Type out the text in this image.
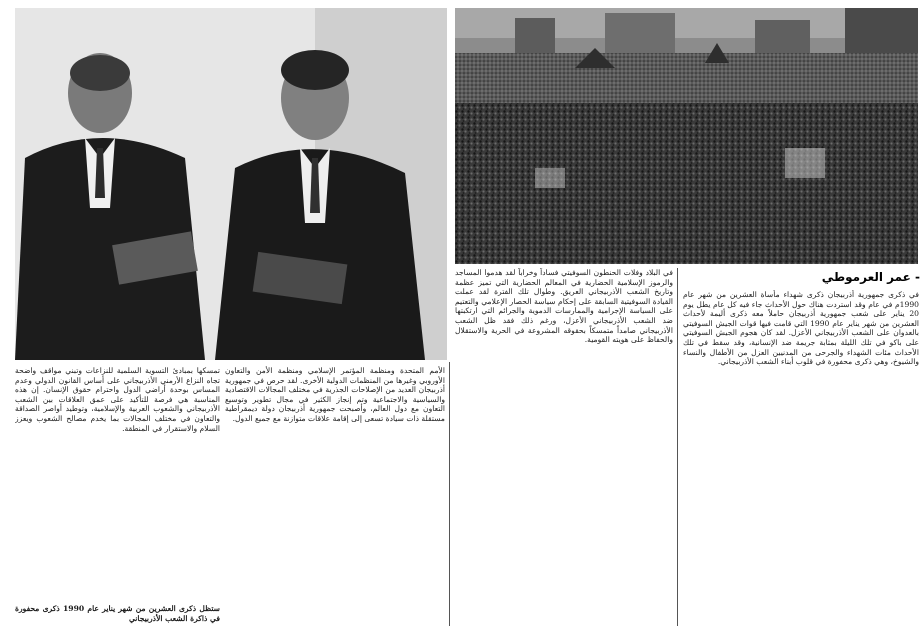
- عمر العرموطي

في ذكرى جمهورية أذربيجان ذكرى شهداء مأساة العشرين من شهر عام 1990م في عام وقد استردت هناك حول الأحداث جاء فيه كل عام يطل يوم 20 يناير على شعب جمهورية أذربيجان حاملاً معه ذكرى أليمة لأحداث العشرين من شهر يناير عام 1990 التي قامت فيها قوات الجيش السوفيتي بالعدوان على الشعب الأذربيجاني الأعزل. لقد كان هجوم الجيش السوفيتي على باكو في تلك الليلة بمثابة جريمة ضد الإنسانية، وقد سقط في تلك الأحداث مئات الشهداء والجرحى من المدنيين العزل من الأطفال والنساء والشيوخ، وهي ذكرى محفورة في قلوب أبناء الشعب الأذربيجاني.

في البلاد وفلات الحنطون السوفيتي فساداً وخراباً لقد هدموا المساجد والرموز الإسلامية الحضارية في المعالم الحضارية التي تميز عظمة وتاريخ الشعب الأذربيجاني العريق. وطوال تلك الفترة لقد عملت القيادة السوفيتية السابقة على إحكام سياسة الحصار الإعلامي والتعتيم على السياسة الإجرامية والممارسات الدموية والجرائم التي ارتكبتها ضد الشعب الأذربيجاني الأعزل، ورغم ذلك فقد ظل الشعب الأذربيجاني صامداً متمسكاً بحقوقه المشروعة في الحرية والاستقلال والحفاظ على هويته القومية.

الأمم المتحدة ومنظمة المؤتمر الإسلامي ومنظمة الأمن والتعاون الأوروبي وغيرها من المنظمات الدولية الأخرى. لقد حرص في جمهورية أذربيجان العديد من الإصلاحات الجذرية في مختلف المجالات الاقتصادية والسياسية والاجتماعية وتم إنجاز الكثير في مجال تطوير وتوسيع التعاون مع دول العالم، وأصبحت جمهورية أذربيجان دولة ديمقراطية مستقلة ذات سيادة تسعى إلى إقامة علاقات متوازنة مع جميع الدول.

تمسكها بمبادئ التسوية السلمية للنزاعات وتبني مواقف واضحة تجاه النزاع الأرمني الأذربيجاني على أساس القانون الدولي وعدم المساس بوحدة أراضي الدول واحترام حقوق الإنسان. إن هذه المناسبة هي فرصة للتأكيد على عمق العلاقات بين الشعب الأذربيجاني والشعوب العربية والإسلامية، وتوطيد أواصر الصداقة والتعاون في مختلف المجالات بما يخدم مصالح الشعوب ويعزز السلام والاستقرار في المنطقة.

ستظل ذكرى العشرين من شهر يناير عام 1990 ذكرى محفورة في ذاكرة الشعب الأذربيجاني
